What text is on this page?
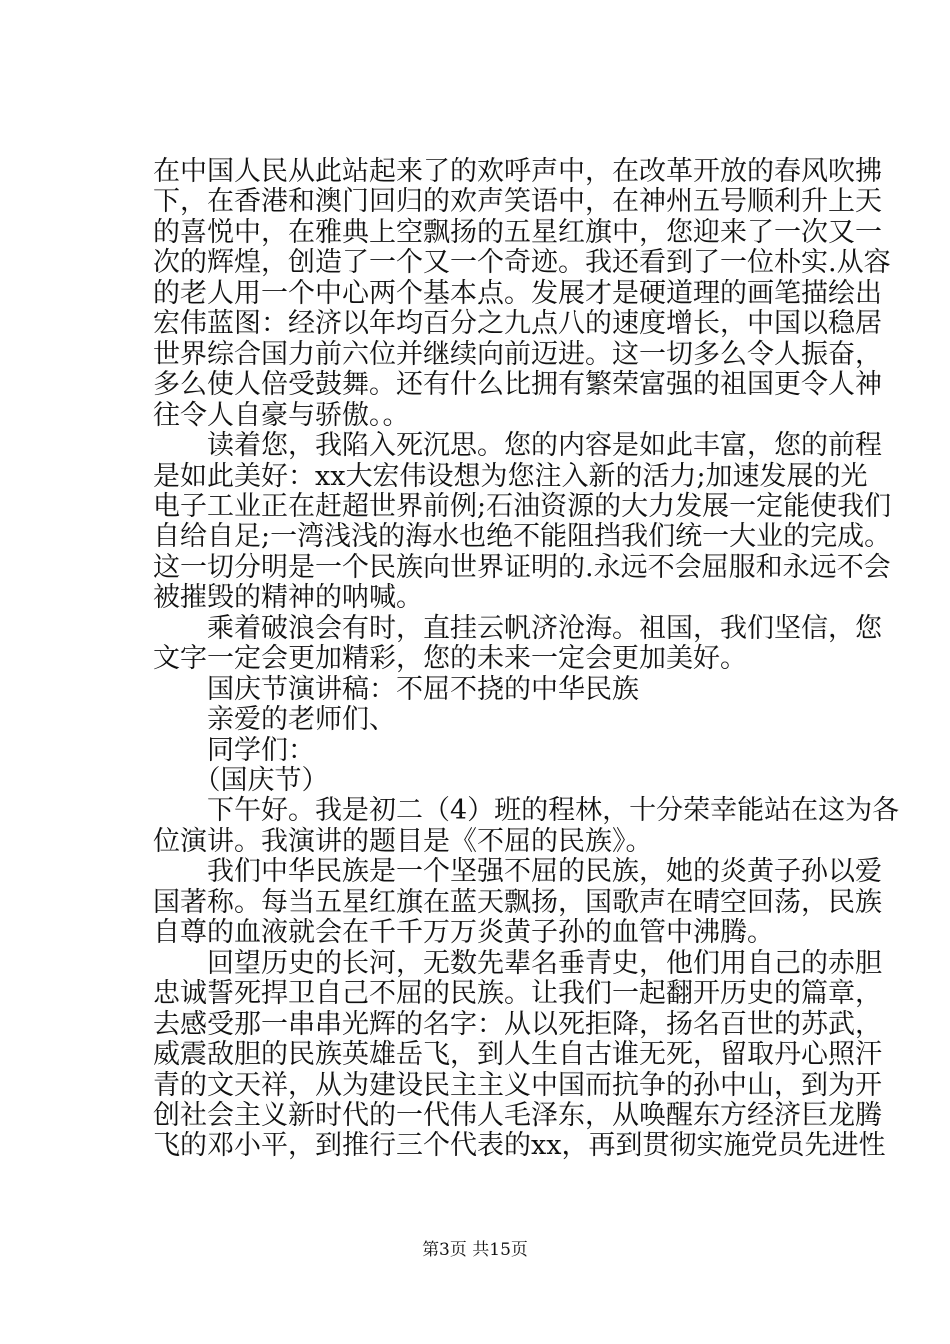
在中国人民从此站起来了的欢呼声中，在改革开放的春风吹拂
下，在香港和澳门回归的欢声笑语中，在神州五号顺利升上天
的喜悦中，在雅典上空飘扬的五星红旗中，您迎来了一次又一
次的辉煌，创造了一个又一个奇迹。我还看到了一位朴实.从容
的老人用一个中心两个基本点。发展才是硬道理的画笔描绘出
宏伟蓝图：经济以年均百分之九点八的速度增长，中国以稳居
世界综合国力前六位并继续向前迈进。这一切多么令人振奋，
多么使人倍受鼓舞。还有什么比拥有繁荣富强的祖国更令人神
往令人自豪与骄傲。。
　　读着您，我陷入死沉思。您的内容是如此丰富，您的前程
是如此美好：xx大宏伟设想为您注入新的活力;加速发展的光
电子工业正在赶超世界前例;石油资源的大力发展一定能使我们
自给自足;一湾浅浅的海水也绝不能阻挡我们统一大业的完成。
这一切分明是一个民族向世界证明的.永远不会屈服和永远不会
被摧毁的精神的呐喊。
　　乘着破浪会有时，直挂云帆济沧海。祖国，我们坚信，您
文字一定会更加精彩，您的未来一定会更加美好。
　　国庆节演讲稿：不屈不挠的中华民族
　　亲爱的老师们、
　　同学们：
　　（国庆节）
　　下午好。我是初二（4）班的程林，十分荣幸能站在这为各
位演讲。我演讲的题目是《不屈的民族》。
　　我们中华民族是一个坚强不屈的民族，她的炎黄子孙以爱
国著称。每当五星红旗在蓝天飘扬，国歌声在晴空回荡，民族
自尊的血液就会在千千万万炎黄子孙的血管中沸腾。
　　回望历史的长河，无数先辈名垂青史，他们用自己的赤胆
忠诚誓死捍卫自己不屈的民族。让我们一起翻开历史的篇章，
去感受那一串串光辉的名字：从以死拒降，扬名百世的苏武，
威震敌胆的民族英雄岳飞，到人生自古谁无死，留取丹心照汗
青的文天祥，从为建设民主主义中国而抗争的孙中山，到为开
创社会主义新时代的一代伟人毛泽东，从唤醒东方经济巨龙腾
飞的邓小平，到推行三个代表的xx，再到贯彻实施党员先进性
第3页 共15页
